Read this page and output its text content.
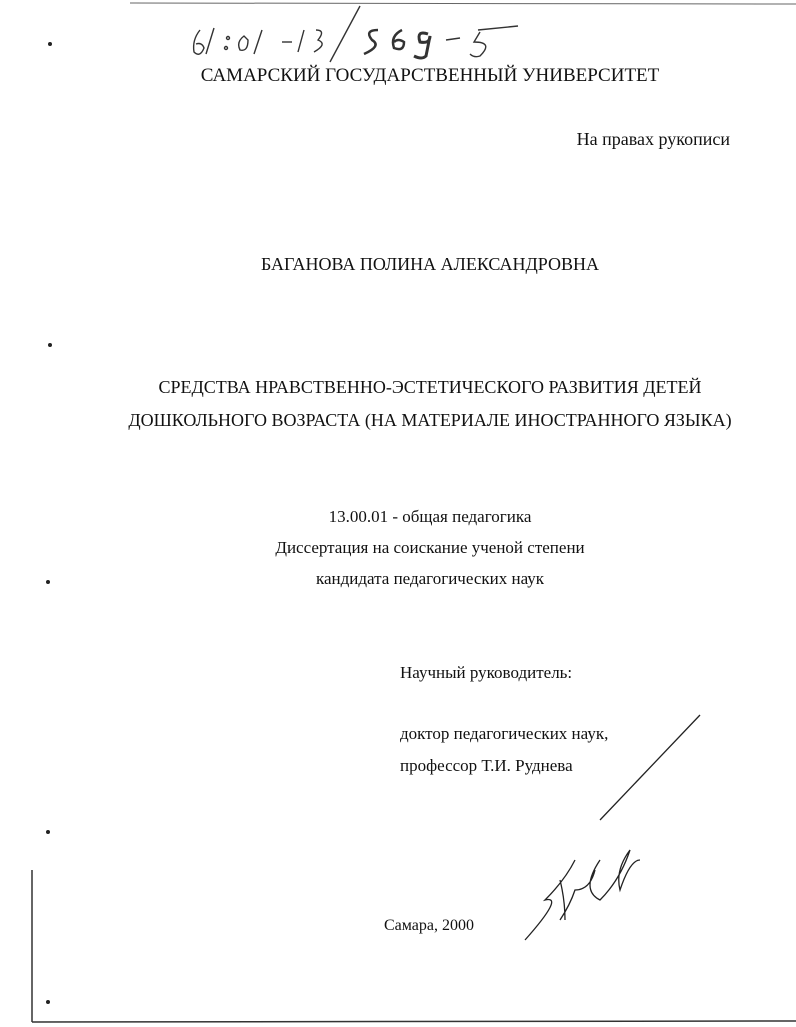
САМАРСКИЙ ГОСУДАРСТВЕННЫЙ УНИВЕРСИТЕТ
На правах рукописи
БАГАНОВА ПОЛИНА АЛЕКСАНДРОВНА
СРЕДСТВА НРАВСТВЕННО-ЭСТЕТИЧЕСКОГО РАЗВИТИЯ ДЕТЕЙ
ДОШКОЛЬНОГО ВОЗРАСТА (НА МАТЕРИАЛЕ ИНОСТРАННОГО ЯЗЫКА)
13.00.01 - общая педагогика
Диссертация на соискание ученой степени
кандидата педагогических наук
Научный руководитель:
доктор педагогических наук,
профессор Т.И. Руднева
Самара, 2000
